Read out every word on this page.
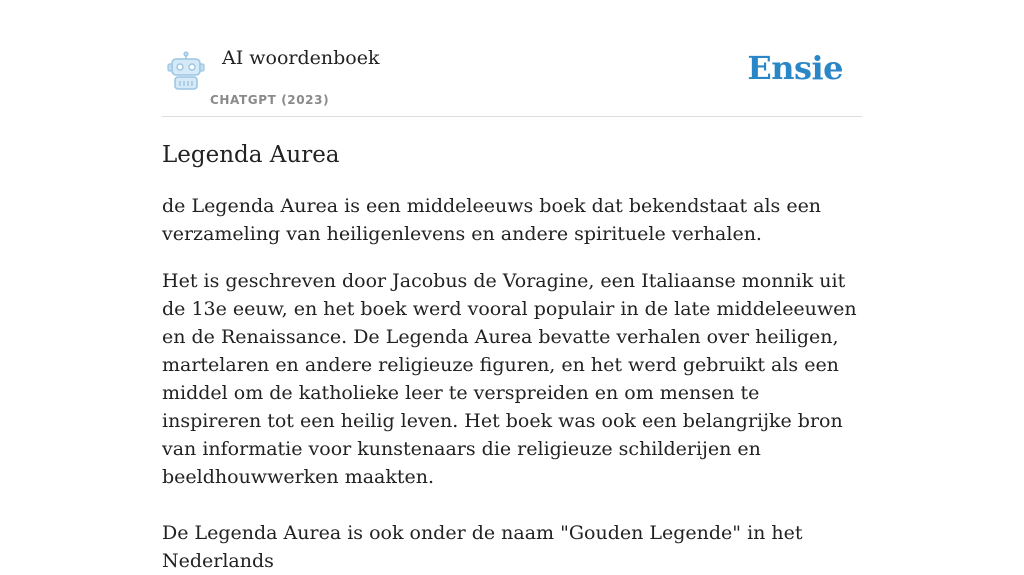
AI woordenboek
CHATGPT (2023)
Ensie
Legenda Aurea

de Legenda Aurea is een middeleeuws boek dat bekendstaat als een verzameling van heiligenlevens en andere spirituele verhalen.

Het is geschreven door Jacobus de Voragine, een Italiaanse monnik uit de 13e eeuw, en het boek werd vooral populair in de late middeleeuwen en de Renaissance. De Legenda Aurea bevatte verhalen over heiligen, martelaren en andere religieuze figuren, en het werd gebruikt als een middel om de katholieke leer te verspreiden en om mensen te inspireren tot een heilig leven. Het boek was ook een belangrijke bron van informatie voor kunstenaars die religieuze schilderijen en beeldhouwwerken maakten.

De Legenda Aurea is ook onder de naam "Gouden Legende" in het Nederlands
